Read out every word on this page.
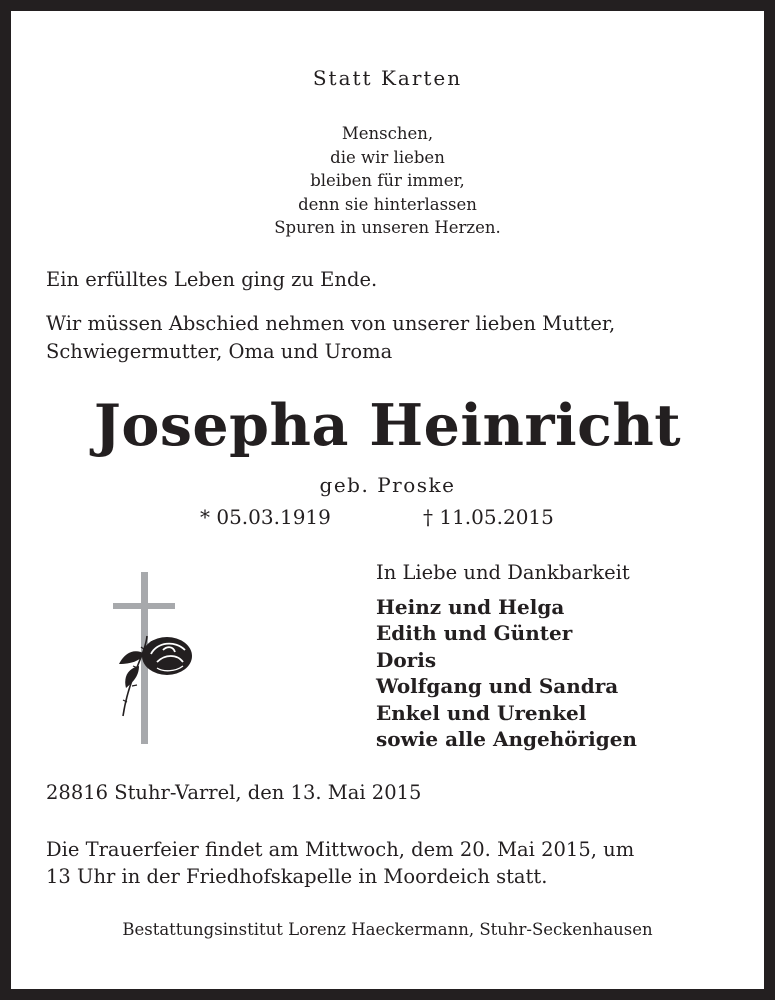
Statt Karten
Menschen,
die wir lieben
bleiben für immer,
denn sie hinterlassen
Spuren in unseren Herzen.
Ein erfülltes Leben ging zu Ende.
Wir müssen Abschied nehmen von unserer lieben Mutter,
Schwiegermutter, Oma und Uroma
Josepha Heinricht
geb. Proske
* 05.03.1919	† 11.05.2015
In Liebe und Dankbarkeit
Heinz und Helga
Edith und Günter
Doris
Wolfgang und Sandra
Enkel und Urenkel
sowie alle Angehörigen
28816 Stuhr-Varrel, den 13. Mai 2015
Die Trauerfeier findet am Mittwoch, dem 20. Mai 2015, um
13 Uhr in der Friedhofskapelle in Moordeich statt.
Bestattungsinstitut Lorenz Haeckermann, Stuhr-Seckenhausen
